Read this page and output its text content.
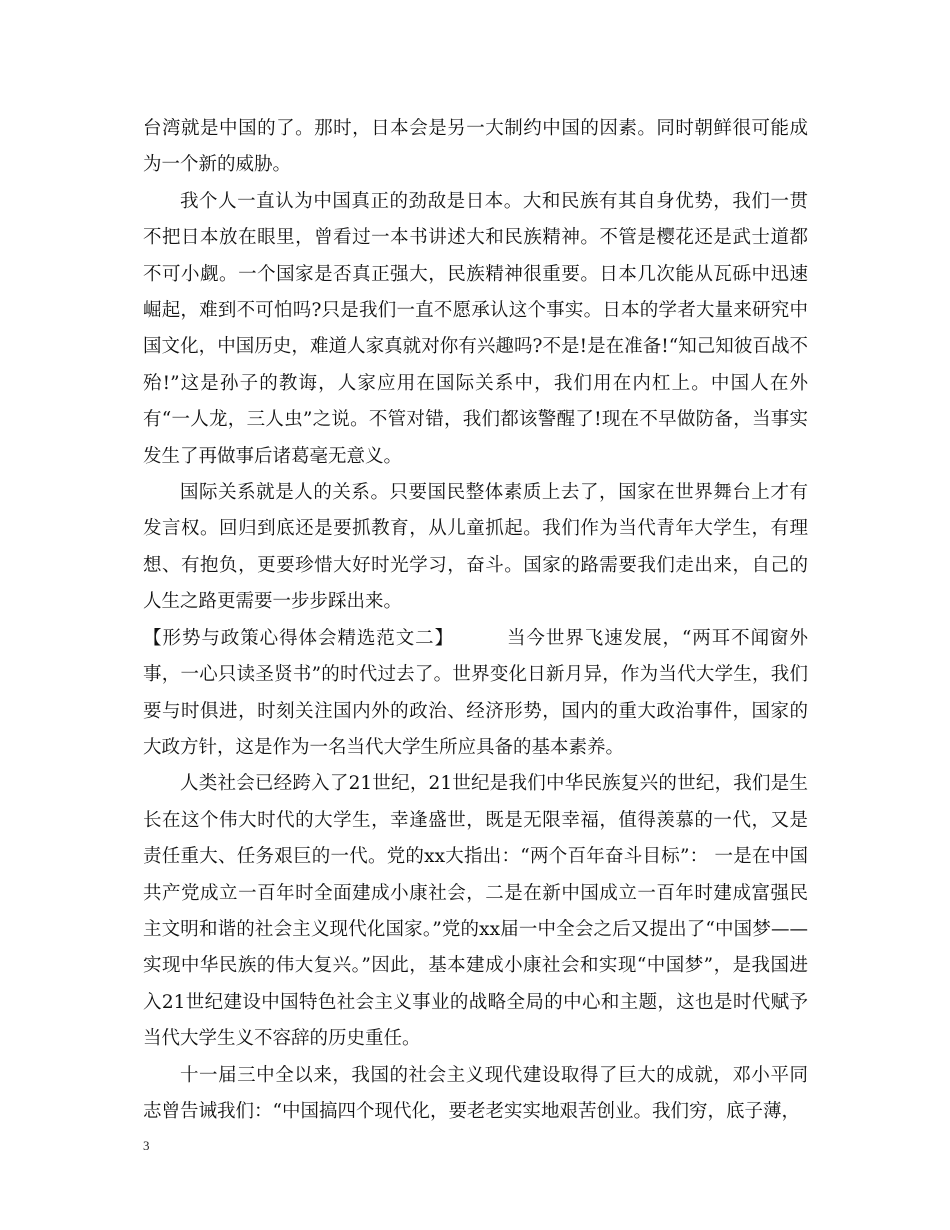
台湾就是中国的了。那时，日本会是另一大制约中国的因素。同时朝鲜很可能成为一个新的威胁。

我个人一直认为中国真正的劲敌是日本。大和民族有其自身优势，我们一贯不把日本放在眼里，曾看过一本书讲述大和民族精神。不管是樱花还是武士道都不可小觑。一个国家是否真正强大，民族精神很重要。日本几次能从瓦砾中迅速崛起，难到不可怕吗?只是我们一直不愿承认这个事实。日本的学者大量来研究中国文化，中国历史，难道人家真就对你有兴趣吗?不是!是在准备!“知己知彼百战不殆!”这是孙子的教诲，人家应用在国际关系中，我们用在内杠上。中国人在外有“一人龙，三人虫”之说。不管对错，我们都该警醒了!现在不早做防备，当事实发生了再做事后诸葛毫无意义。

国际关系就是人的关系。只要国民整体素质上去了，国家在世界舞台上才有发言权。回归到底还是要抓教育，从儿童抓起。我们作为当代青年大学生，有理想、有抱负，更要珍惜大好时光学习，奋斗。国家的路需要我们走出来，自己的人生之路更需要一步步踩出来。

【形势与政策心得体会精选范文二】	当今世界飞速发展，“两耳不闻窗外事，一心只读圣贤书”的时代过去了。世界变化日新月异，作为当代大学生，我们要与时俱进，时刻关注国内外的政治、经济形势，国内的重大政治事件，国家的大政方针，这是作为一名当代大学生所应具备的基本素养。

人类社会已经跨入了21世纪，21世纪是我们中华民族复兴的世纪，我们是生长在这个伟大时代的大学生，幸逢盛世，既是无限幸福，值得羡慕的一代，又是责任重大、任务艰巨的一代。党的xx大指出：“两个百年奋斗目标”： 一是在中国共产党成立一百年时全面建成小康社会，二是在新中国成立一百年时建成富强民主文明和谐的社会主义现代化国家。”党的xx届一中全会之后又提出了“中国梦——实现中华民族的伟大复兴。”因此，基本建成小康社会和实现“中国梦”，是我国进入21世纪建设中国特色社会主义事业的战略全局的中心和主题，这也是时代赋予当代大学生义不容辞的历史重任。

十一届三中全以来，我国的社会主义现代建设取得了巨大的成就，邓小平同志曾告诫我们：“中国搞四个现代化，要老老实实地艰苦创业。我们穷，底子薄，

3
